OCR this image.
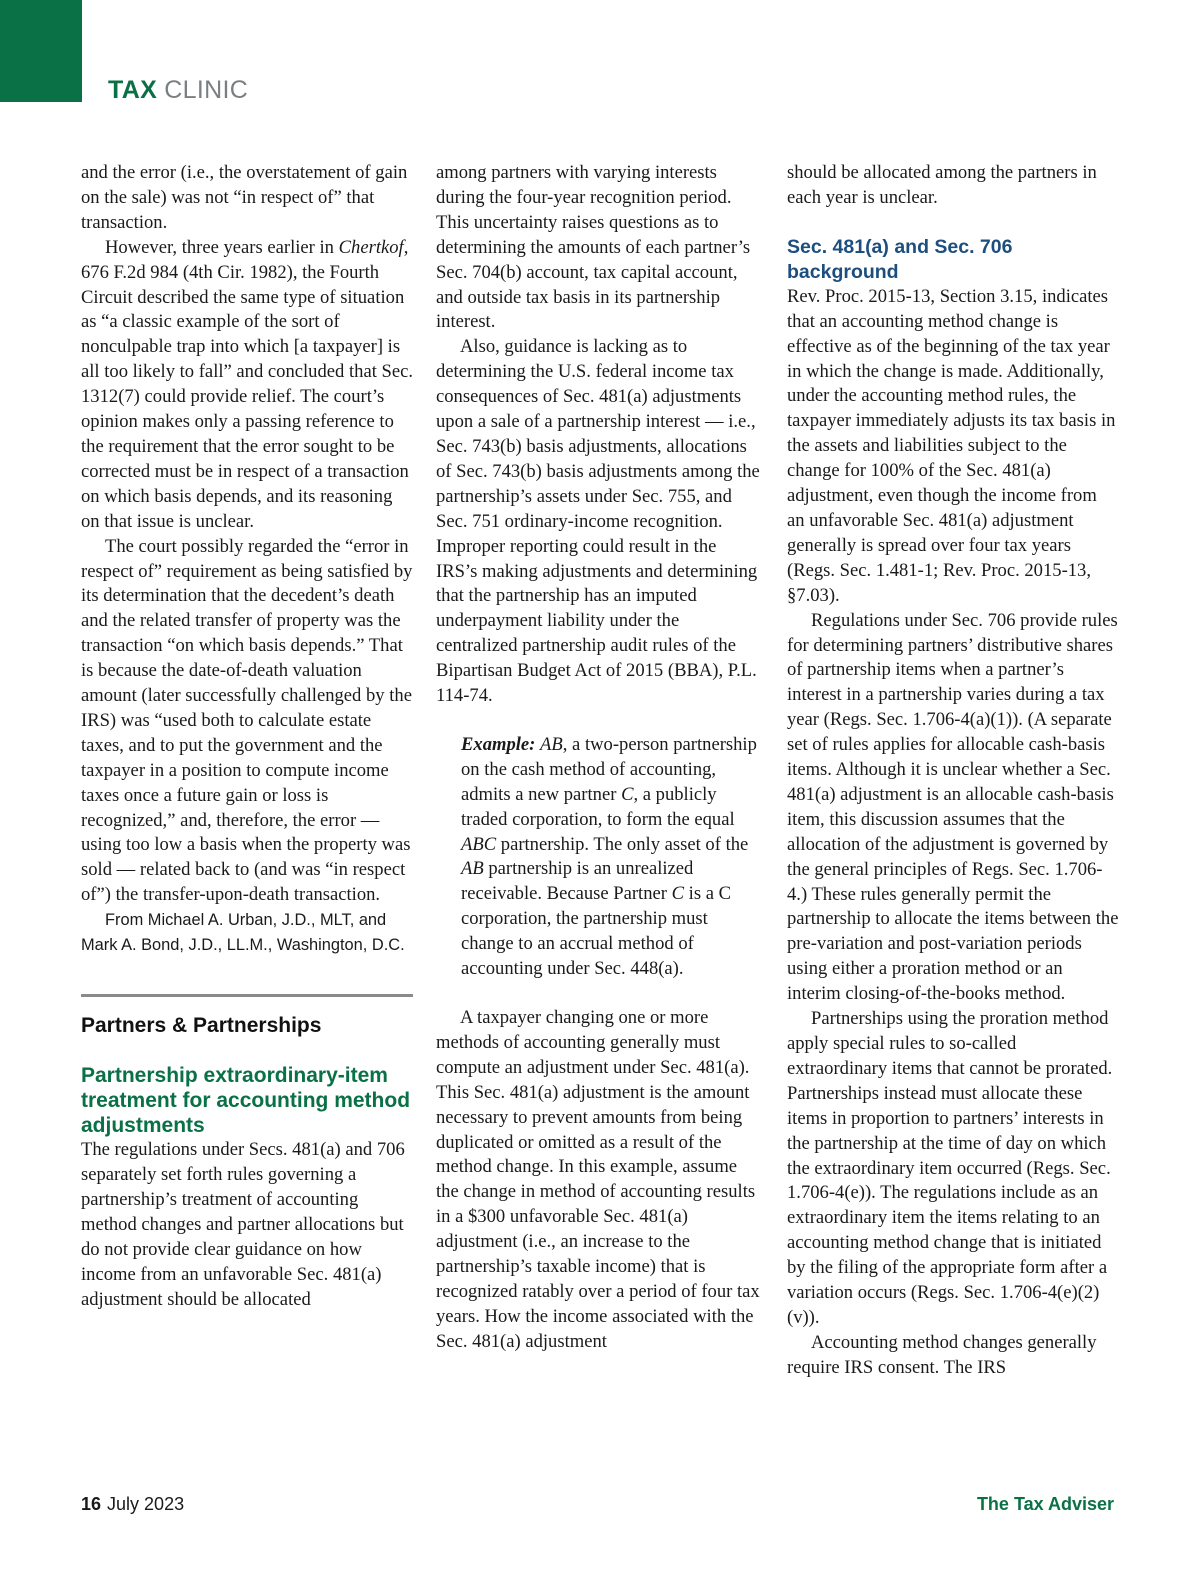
TAX CLINIC

and the error (i.e., the overstatement of gain on the sale) was not “in respect of” that transaction.

However, three years earlier in Chertkof, 676 F.2d 984 (4th Cir. 1982), the Fourth Circuit described the same type of situation as “a classic example of the sort of nonculpable trap into which [a taxpayer] is all too likely to fall” and concluded that Sec. 1312(7) could provide relief. The court’s opinion makes only a passing reference to the requirement that the error sought to be corrected must be in respect of a transaction on which basis depends, and its reasoning on that issue is unclear.

The court possibly regarded the “error in respect of” requirement as being satisfied by its determination that the decedent’s death and the related transfer of property was the transaction “on which basis depends.” That is because the date-of-death valuation amount (later successfully challenged by the IRS) was “used both to calculate estate taxes, and to put the government and the taxpayer in a position to compute income taxes once a future gain or loss is recognized,” and, therefore, the error — using too low a basis when the property was sold — related back to (and was “in respect of”) the transfer-upon-death transaction.

From Michael A. Urban, J.D., MLT, and Mark A. Bond, J.D., LL.M., Washington, D.C.

Partners & Partnerships
Partnership extraordinary-item treatment for accounting method adjustments

The regulations under Secs. 481(a) and 706 separately set forth rules governing a partnership’s treatment of accounting method changes and partner allocations but do not provide clear guidance on how income from an unfavorable Sec. 481(a) adjustment should be allocated

among partners with varying interests during the four-year recognition period. This uncertainty raises questions as to determining the amounts of each partner’s Sec. 704(b) account, tax capital account, and outside tax basis in its partnership interest.

Also, guidance is lacking as to determining the U.S. federal income tax consequences of Sec. 481(a) adjustments upon a sale of a partnership interest — i.e., Sec. 743(b) basis adjustments, allocations of Sec. 743(b) basis adjustments among the partnership’s assets under Sec. 755, and Sec. 751 ordinary-income recognition. Improper reporting could result in the IRS’s making adjustments and determining that the partnership has an imputed underpayment liability under the centralized partnership audit rules of the Bipartisan Budget Act of 2015 (BBA), P.L. 114-74.

Example: AB, a two-person partnership on the cash method of accounting, admits a new partner C, a publicly traded corporation, to form the equal ABC partnership. The only asset of the AB partnership is an unrealized receivable. Because Partner C is a C corporation, the partnership must change to an accrual method of accounting under Sec. 448(a).

A taxpayer changing one or more methods of accounting generally must compute an adjustment under Sec. 481(a). This Sec. 481(a) adjustment is the amount necessary to prevent amounts from being duplicated or omitted as a result of the method change. In this example, assume the change in method of accounting results in a $300 unfavorable Sec. 481(a) adjustment (i.e., an increase to the partnership’s taxable income) that is recognized ratably over a period of four tax years. How the income associated with the Sec. 481(a) adjustment

should be allocated among the partners in each year is unclear.

Sec. 481(a) and Sec. 706 background

Rev. Proc. 2015-13, Section 3.15, indicates that an accounting method change is effective as of the beginning of the tax year in which the change is made. Additionally, under the accounting method rules, the taxpayer immediately adjusts its tax basis in the assets and liabilities subject to the change for 100% of the Sec. 481(a) adjustment, even though the income from an unfavorable Sec. 481(a) adjustment generally is spread over four tax years (Regs. Sec. 1.481-1; Rev. Proc. 2015-13, §7.03).

Regulations under Sec. 706 provide rules for determining partners’ distributive shares of partnership items when a partner’s interest in a partnership varies during a tax year (Regs. Sec. 1.706-4(a)(1)). (A separate set of rules applies for allocable cash-basis items. Although it is unclear whether a Sec. 481(a) adjustment is an allocable cash-basis item, this discussion assumes that the allocation of the adjustment is governed by the general principles of Regs. Sec. 1.706-4.) These rules generally permit the partnership to allocate the items between the pre-variation and post-variation periods using either a proration method or an interim closing-of-the-books method.

Partnerships using the proration method apply special rules to so-called extraordinary items that cannot be prorated. Partnerships instead must allocate these items in proportion to partners’ interests in the partnership at the time of day on which the extraordinary item occurred (Regs. Sec. 1.706-4(e)). The regulations include as an extraordinary item the items relating to an accounting method change that is initiated by the filing of the appropriate form after a variation occurs (Regs. Sec. 1.706-4(e)(2)(v)).

Accounting method changes generally require IRS consent. The IRS

16 July 2023	The Tax Adviser
